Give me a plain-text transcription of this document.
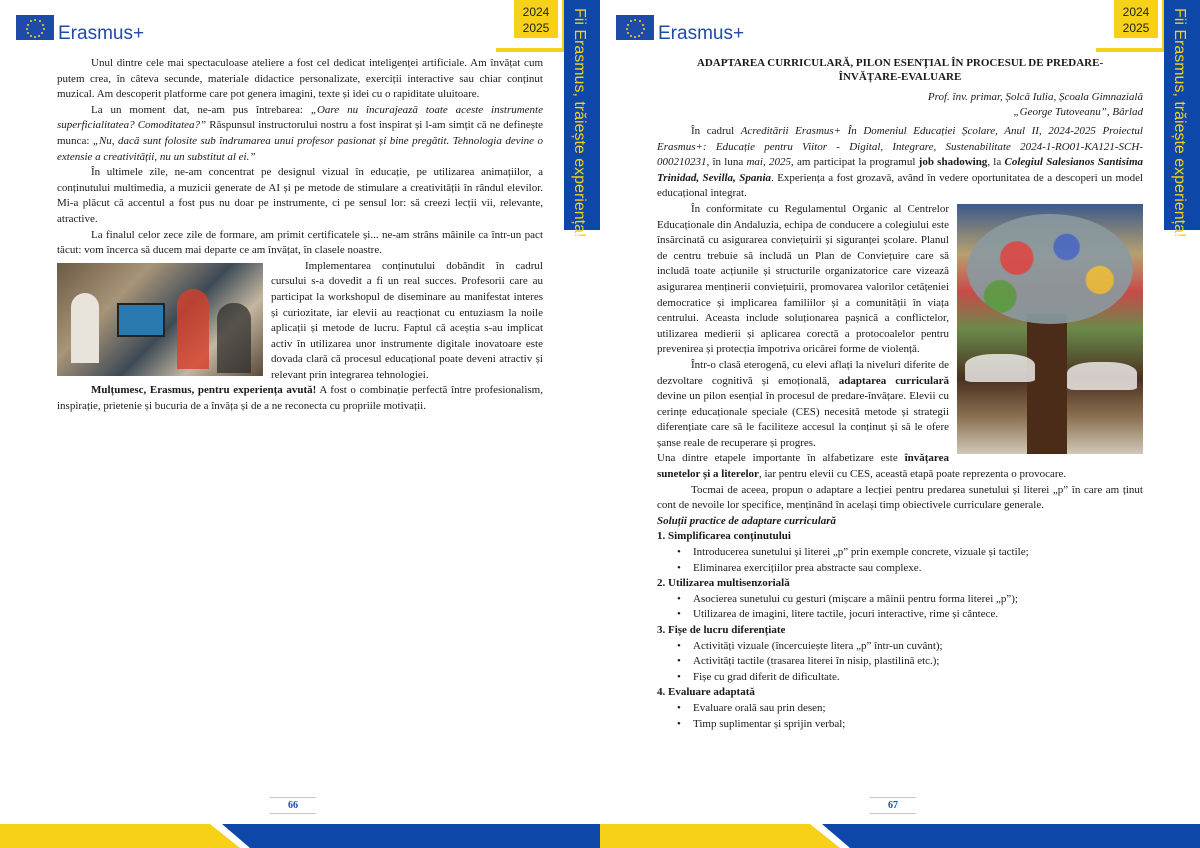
Erasmus+
2024
2025	Fii Erasmus, trăiește experiența!

Unul dintre cele mai spectaculoase ateliere a fost cel dedicat inteligenței artificiale. Am învățat cum putem crea, în câteva secunde, materiale didactice personalizate, exerciții interactive sau chiar conținut muzical. Am descoperit platforme care pot genera imagini, texte și idei cu o rapiditate uluitoare.

La un moment dat, ne-am pus întrebarea: „Oare nu încurajează toate aceste instrumente superficialitatea? Comoditatea?” Răspunsul instructorului nostru a fost inspirat și l-am simțit că ne definește munca: „Nu, dacă sunt folosite sub îndrumarea unui profesor pasionat și bine pregătit. Tehnologia devine o extensie a creativității, nu un substitut al ei.”

În ultimele zile, ne-am concentrat pe designul vizual în educație, pe utilizarea animațiilor, a conținutului multimedia, a muzicii generate de AI și pe metode de stimulare a creativității în rândul elevilor. Mi-a plăcut că accentul a fost pus nu doar pe instrumente, ci pe sensul lor: să creezi lecții vii, relevante, atractive.

La finalul celor zece zile de formare, am primit certificatele și... ne-am strâns mâinile ca într-un pact tăcut: vom încerca să ducem mai departe ce am învățat, în clasele noastre.

Implementarea conținutului dobândit în cadrul cursului s-a dovedit a fi un real succes. Profesorii care au participat la workshopul de diseminare au manifestat interes și curiozitate, iar elevii au reacționat cu entuziasm la noile aplicații și metode de lucru. Faptul că aceștia s-au implicat activ în utilizarea unor instrumente digitale inovatoare este dovada clară că procesul educațional poate deveni atractiv și relevant prin integrarea tehnologiei.

Mulțumesc, Erasmus, pentru experiența avută! A fost o combinație perfectă între profesionalism, inspirație, prietenie și bucuria de a învăța și de a ne reconecta cu propriile motivații.

66
Erasmus+
2024
2025	Fii Erasmus, trăiește experiența!
ADAPTAREA CURRICULARĂ, PILON ESENȚIAL ÎN PROCESUL DE PREDARE-ÎNVĂȚARE-EVALUARE
Prof. înv. primar, Șolcă Iulia, Școala Gimnazială
„George Tutoveanu”, Bârlad

În cadrul Acreditării Erasmus+ În Domeniul Educației Școlare, Anul II, 2024-2025 Proiectul Erasmus+: Educație pentru Viitor - Digital, Integrare, Sustenabilitate 2024-1-RO01-KA121-SCH-000210231, în luna mai, 2025, am participat la programul job shadowing, la Colegiul Salesianos Santisima Trinidad, Sevilla, Spania. Experiența a fost grozavă, având în vedere oportunitatea de a descoperi un model educațional integrat.

În conformitate cu Regulamentul Organic al Centrelor Educaționale din Andaluzia, echipa de conducere a colegiului este însărcinată cu asigurarea conviețuirii și siguranței școlare. Planul de centru trebuie să includă un Plan de Conviețuire care să includă toate acțiunile și structurile organizatorice care vizează asigurarea menținerii conviețuirii, promovarea valorilor cetățeniei democratice și implicarea familiilor și a comunității în viața centrului. Aceasta include soluționarea pașnică a conflictelor, utilizarea medierii și aplicarea corectă a protocoalelor pentru prevenirea și protecția împotriva oricărei forme de violență.

Într-o clasă eterogenă, cu elevi aflați la niveluri diferite de dezvoltare cognitivă și emoțională, adaptarea curriculară devine un pilon esențial în procesul de predare-învățare. Elevii cu cerințe educaționale speciale (CES) necesită metode și strategii diferențiate care să le faciliteze accesul la conținut și să le ofere șanse reale de recuperare și progres.

Una dintre etapele importante în alfabetizare este învățarea sunetelor și a literelor, iar pentru elevii cu CES, această etapă poate reprezenta o provocare.

Tocmai de aceea, propun o adaptare a lecției pentru predarea sunetului și literei „p” în care am ținut cont de nevoile lor specifice, menținând în același timp obiectivele curriculare generale.

Soluții practice de adaptare curriculară

1. Simplificarea conținutului

• Introducerea sunetului și literei „p” prin exemple concrete, vizuale și tactile;
• Eliminarea exercițiilor prea abstracte sau complexe.

2. Utilizarea multisenzorială

• Asocierea sunetului cu gesturi (mișcare a mâinii pentru forma literei „p”);
• Utilizarea de imagini, litere tactile, jocuri interactive, rime și cântece.

3. Fișe de lucru diferențiate

• Activități vizuale (încercuiește litera „p” într-un cuvânt);
• Activități tactile (trasarea literei în nisip, plastilină etc.);
• Fișe cu grad diferit de dificultate.

4. Evaluare adaptată

• Evaluare orală sau prin desen;
• Timp suplimentar și sprijin verbal;
67
